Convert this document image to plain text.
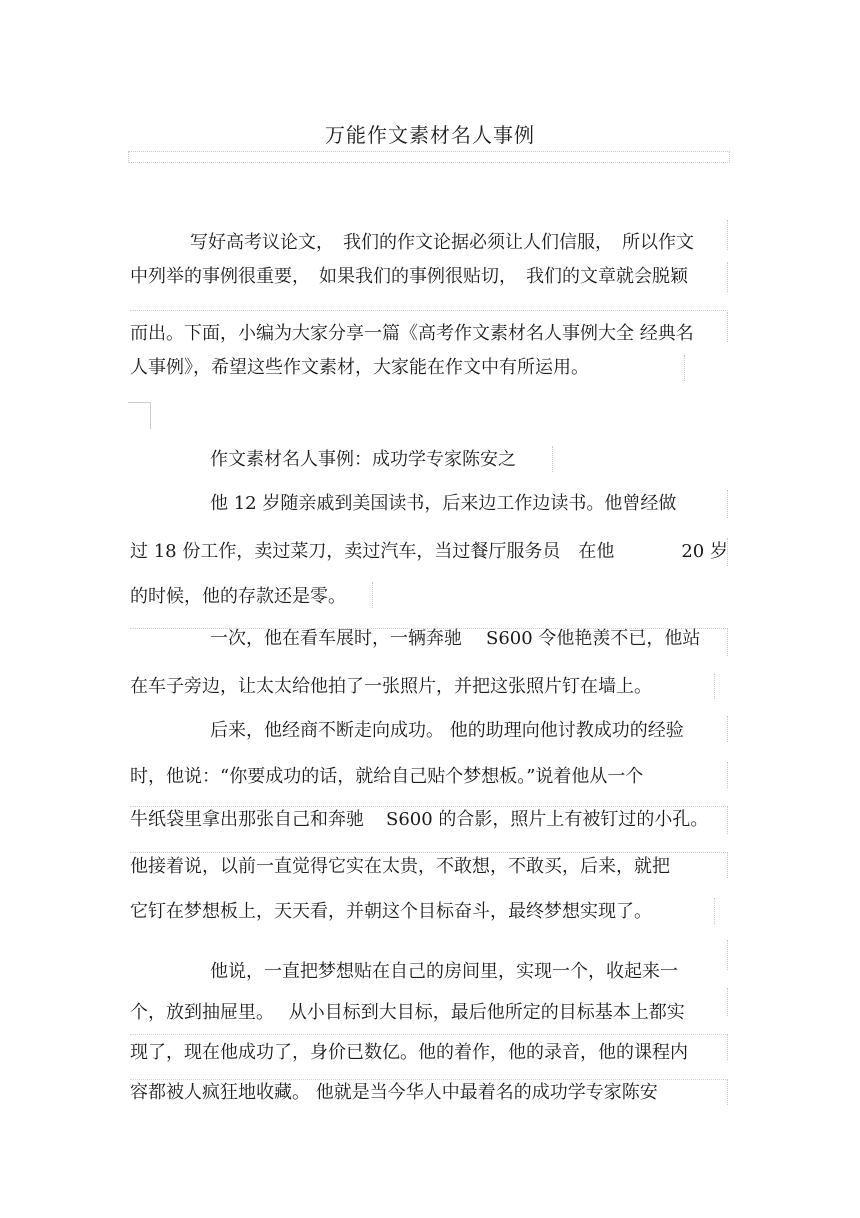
万能作文素材名人事例
写好高考议论文，　我们的作文论据必须让人们信服，　所以作文
中列举的事例很重要，　如果我们的事例很贴切，　我们的文章就会脱颖
而出。下面，小编为大家分享一篇《高考作文素材名人事例大全 经典名
人事例》，希望这些作文素材，大家能在作文中有所运用。
作文素材名人事例：成功学专家陈安之
他 12 岁随亲戚到美国读书，后来边工作边读书。他曾经做
过 18 份工作，卖过菜刀，卖过汽车，当过餐厅服务员　在他	20 岁
的时候，他的存款还是零。
一次，他在看车展时，一辆奔驰 S600 令他艳羡不已，他站
在车子旁边，让太太给他拍了一张照片，并把这张照片钉在墙上。
后来，他经商不断走向成功。 他的助理向他讨教成功的经验
时，他说：“你要成功的话，就给自己贴个梦想板。”说着他从一个
牛纸袋里拿出那张自己和奔驰 S600 的合影，照片上有被钉过的小孔。
他接着说，以前一直觉得它实在太贵，不敢想，不敢买，后来，就把
它钉在梦想板上，天天看，并朝这个目标奋斗，最终梦想实现了。
他说，一直把梦想贴在自己的房间里，实现一个，收起来一
个，放到抽屉里。　 从小目标到大目标，最后他所定的目标基本上都实
现了，现在他成功了，身价已数亿。他的着作，他的录音，他的课程内
容都被人疯狂地收藏。 他就是当今华人中最着名的成功学专家陈安
